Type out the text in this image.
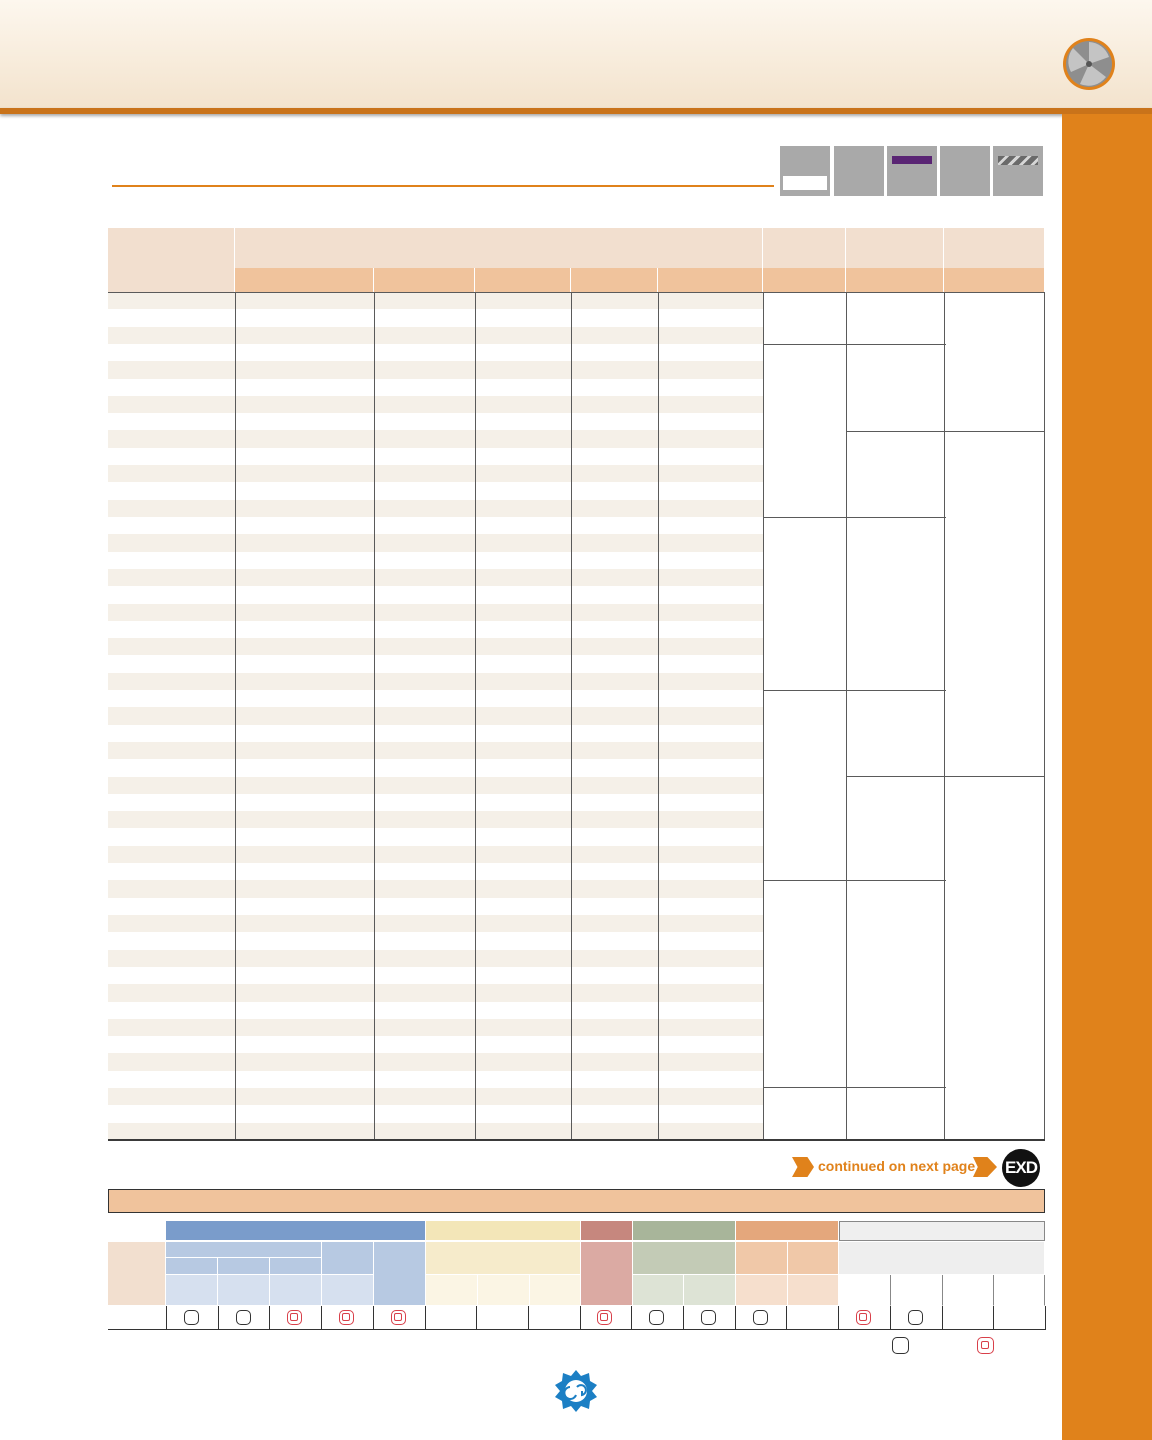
continued on next page EXD
